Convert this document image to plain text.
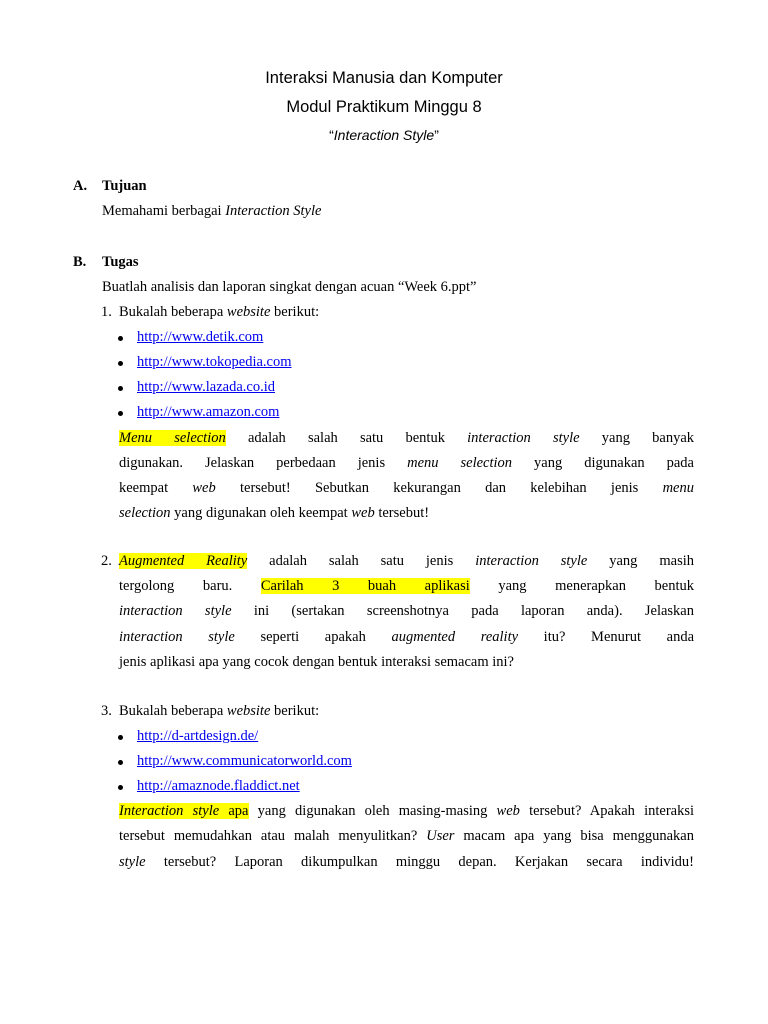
Interaksi Manusia dan Komputer
Modul Praktikum Minggu 8
“Interaction Style”
A. Tujuan
Memahami berbagai Interaction Style
B. Tugas
Buatlah analisis dan laporan singkat dengan acuan “Week 6.ppt”
1. Bukalah beberapa website berikut:
http://www.detik.com
http://www.tokopedia.com
http://www.lazada.co.id
http://www.amazon.com
Menu selection adalah salah satu bentuk interaction style yang banyak
digunakan. Jelaskan perbedaan jenis menu selection yang digunakan pada
keempat web tersebut! Sebutkan kekurangan dan kelebihan jenis menu
selection yang digunakan oleh keempat web tersebut!
2. Augmented Reality adalah salah satu jenis interaction style yang masih
tergolong baru. Carilah 3 buah aplikasi yang menerapkan bentuk
interaction style ini (sertakan screenshotnya pada laporan anda). Jelaskan
interaction style seperti apakah augmented reality itu? Menurut anda
jenis aplikasi apa yang cocok dengan bentuk interaksi semacam ini?
3. Bukalah beberapa website berikut:
http://d-artdesign.de/
http://www.communicatorworld.com
http://amaznode.fladdict.net
Interaction style apa yang digunakan oleh masing-masing web tersebut? Apakah interaksi
tersebut memudahkan atau malah menyulitkan? User macam apa yang bisa menggunakan
style tersebut? Laporan dikumpulkan minggu depan. Kerjakan secara individu!
